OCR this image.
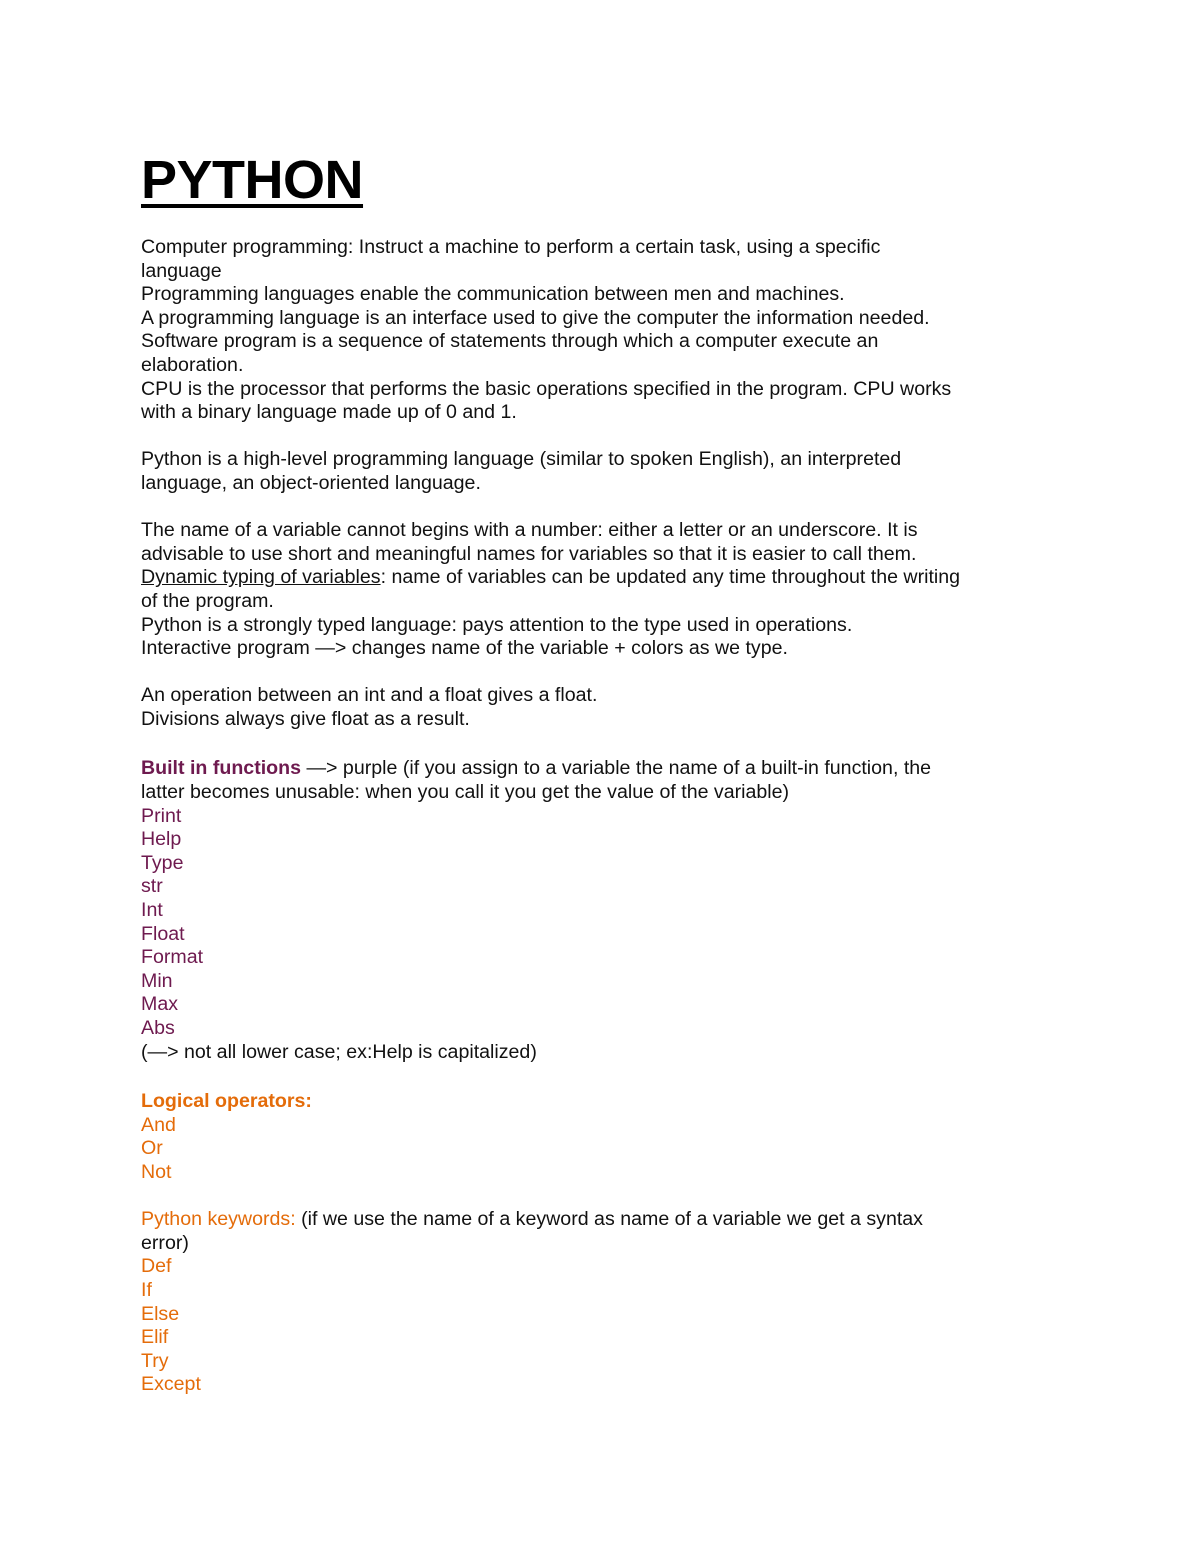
PYTHON

Computer programming: Instruct a machine to perform a certain task, using a specific

language

Programming languages enable the communication between men and machines.

A programming language is an interface used to give the computer the information needed.

Software program is a sequence of statements through which a computer execute an

elaboration.

CPU is the processor that performs the basic operations specified in the program. CPU works

with a binary language made up of 0 and 1.

Python is a high-level programming language (similar to spoken English), an interpreted

language, an object-oriented language.

The name of a variable cannot begins with a number: either a letter or an underscore. It is

advisable to use short and meaningful names for variables so that it is easier to call them.

Dynamic typing of variables: name of variables can be updated any time throughout the writing

of the program.

Python is a strongly typed language: pays attention to the type used in operations.

Interactive program —> changes name of the variable + colors as we type.

An operation between an int and a float gives a float.

Divisions always give float as a result.

Built in functions —> purple (if you assign to a variable the name of a built-in function, the

latter becomes unusable: when you call it you get the value of the variable)

Print

Help

Type

str

Int

Float

Format

Min

Max

Abs

(—> not all lower case; ex:Help is capitalized)

Logical operators:

And

Or

Not

Python keywords: (if we use the name of a keyword as name of a variable we get a syntax

error)

Def

If

Else

Elif

Try

Except
